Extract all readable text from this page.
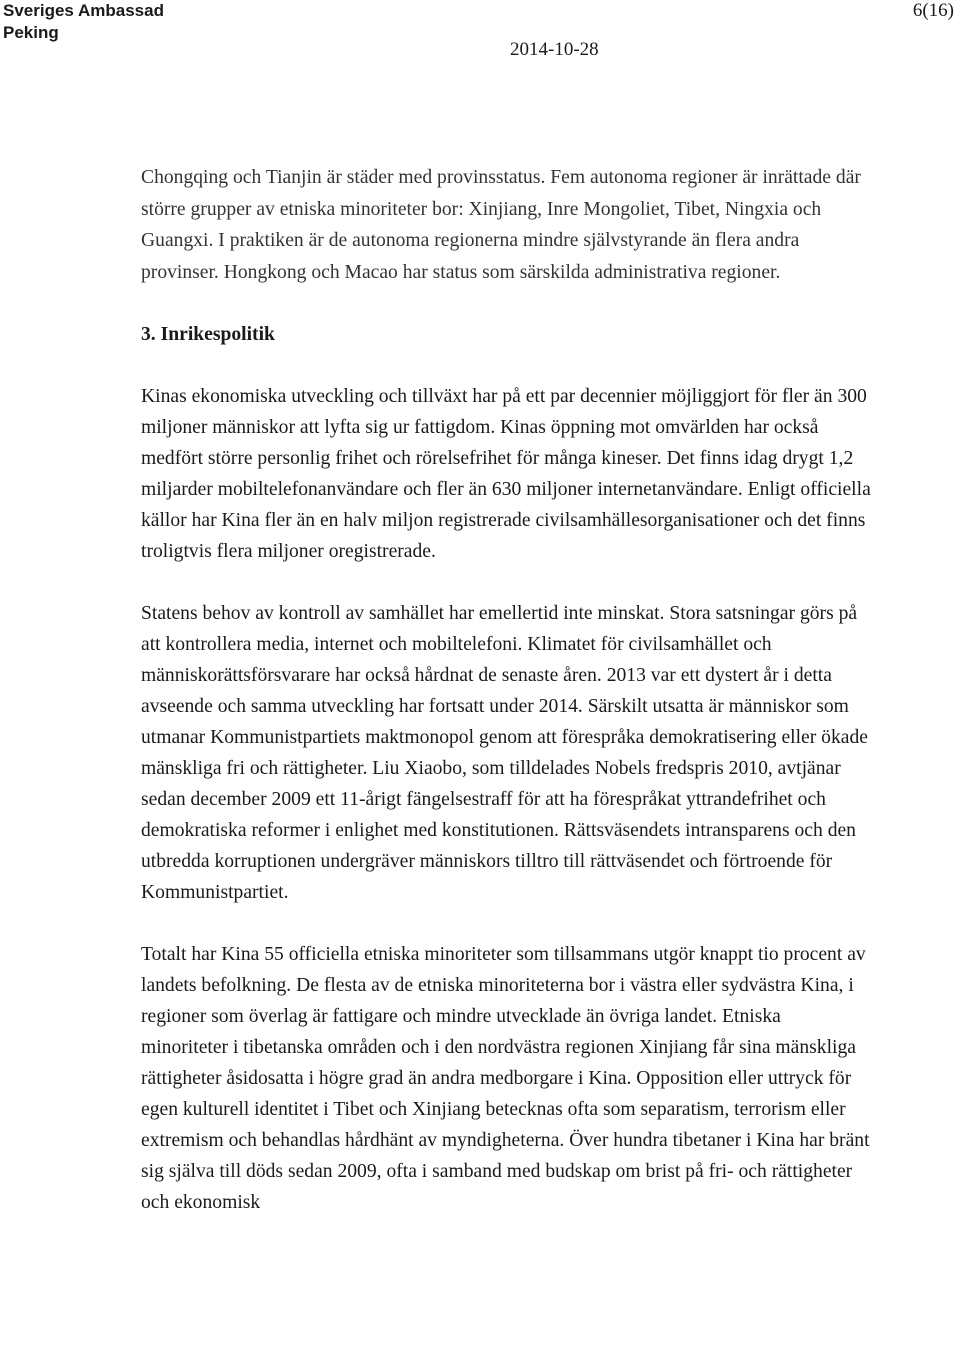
Sveriges Ambassad
Peking
6(16)
2014-10-28

Chongqing och Tianjin är städer med provinsstatus. Fem autonoma regioner är inrättade där större grupper av etniska minoriteter bor: Xinjiang, Inre Mongoliet, Tibet, Ningxia och Guangxi. I praktiken är de autonoma regionerna mindre självstyrande än flera andra provinser. Hongkong och Macao har status som särskilda administrativa regioner.

3. Inrikespolitik

Kinas ekonomiska utveckling och tillväxt har på ett par decennier möjliggjort för fler än 300 miljoner människor att lyfta sig ur fattigdom. Kinas öppning mot omvärlden har också medfört större personlig frihet och rörelsefrihet för många kineser. Det finns idag drygt 1,2 miljarder mobiltelefonanvändare och fler än 630 miljoner internetanvändare. Enligt officiella källor har Kina fler än en halv miljon registrerade civilsamhällesorganisationer och det finns troligtvis flera miljoner oregistrerade.

Statens behov av kontroll av samhället har emellertid inte minskat. Stora satsningar görs på att kontrollera media, internet och mobiltelefoni. Klimatet för civilsamhället och människorättsförsvarare har också hårdnat de senaste åren. 2013 var ett dystert år i detta avseende och samma utveckling har fortsatt under 2014. Särskilt utsatta är människor som utmanar Kommunistpartiets maktmonopol genom att förespråka demokratisering eller ökade mänskliga fri och rättigheter. Liu Xiaobo, som tilldelades Nobels fredspris 2010, avtjänar sedan december 2009 ett 11-årigt fängelsestraff för att ha förespråkat yttrandefrihet och demokratiska reformer i enlighet med konstitutionen. Rättsväsendets intransparens och den utbredda korruptionen undergräver människors tilltro till rättväsendet och förtroende för Kommunistpartiet.

Totalt har Kina 55 officiella etniska minoriteter som tillsammans utgör knappt tio procent av landets befolkning. De flesta av de etniska minoriteterna bor i västra eller sydvästra Kina, i regioner som överlag är fattigare och mindre utvecklade än övriga landet. Etniska minoriteter i tibetanska områden och i den nordvästra regionen Xinjiang får sina mänskliga rättigheter åsidosatta i högre grad än andra medborgare i Kina. Opposition eller uttryck för egen kulturell identitet i Tibet och Xinjiang betecknas ofta som separatism, terrorism eller extremism och behandlas hårdhänt av myndigheterna. Över hundra tibetaner i Kina har bränt sig själva till döds sedan 2009, ofta i samband med budskap om brist på fri- och rättigheter och ekonomisk
